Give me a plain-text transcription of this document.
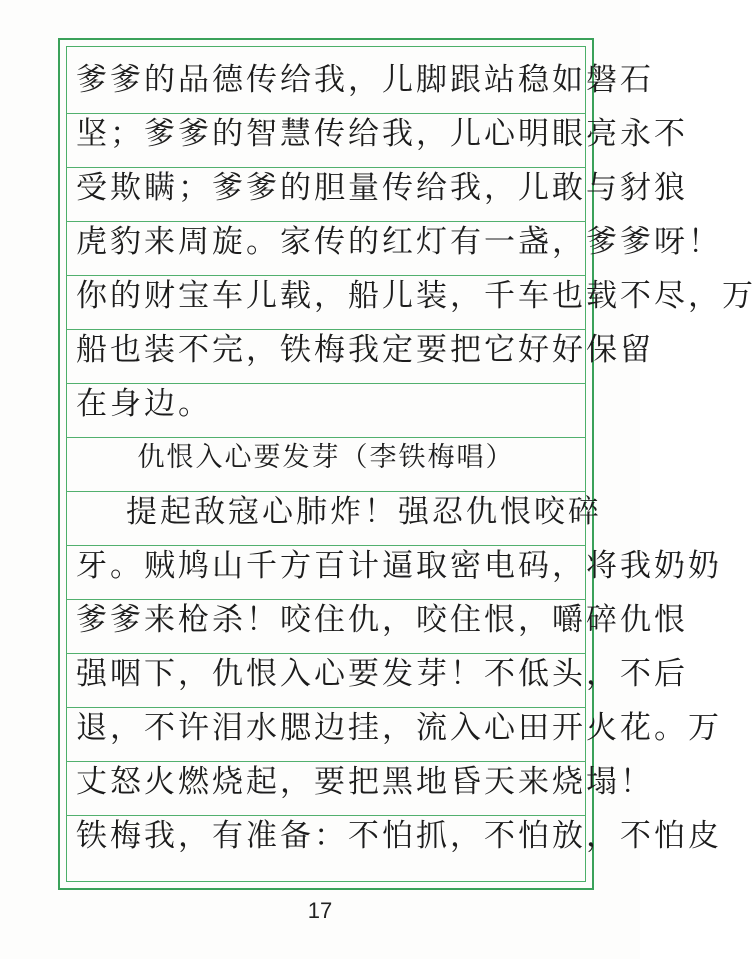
爹爹的品德传给我，儿脚跟站稳如磐石
坚；爹爹的智慧传给我，儿心明眼亮永不
受欺瞒；爹爹的胆量传给我，儿敢与豺狼
虎豹来周旋。家传的红灯有一盏，爹爹呀！
你的财宝车儿载，船儿装，千车也载不尽，万
船也装不完，铁梅我定要把它好好保留
在身边。
仇恨入心要发芽（李铁梅唱）
提起敌寇心肺炸！强忍仇恨咬碎
牙。贼鸠山千方百计逼取密电码，将我奶奶
爹爹来枪杀！咬住仇，咬住恨，嚼碎仇恨
强咽下，仇恨入心要发芽！不低头，不后
退，不许泪水腮边挂，流入心田开火花。万
丈怒火燃烧起，要把黑地昏天来烧塌！
铁梅我，有准备：不怕抓，不怕放，不怕皮
17
